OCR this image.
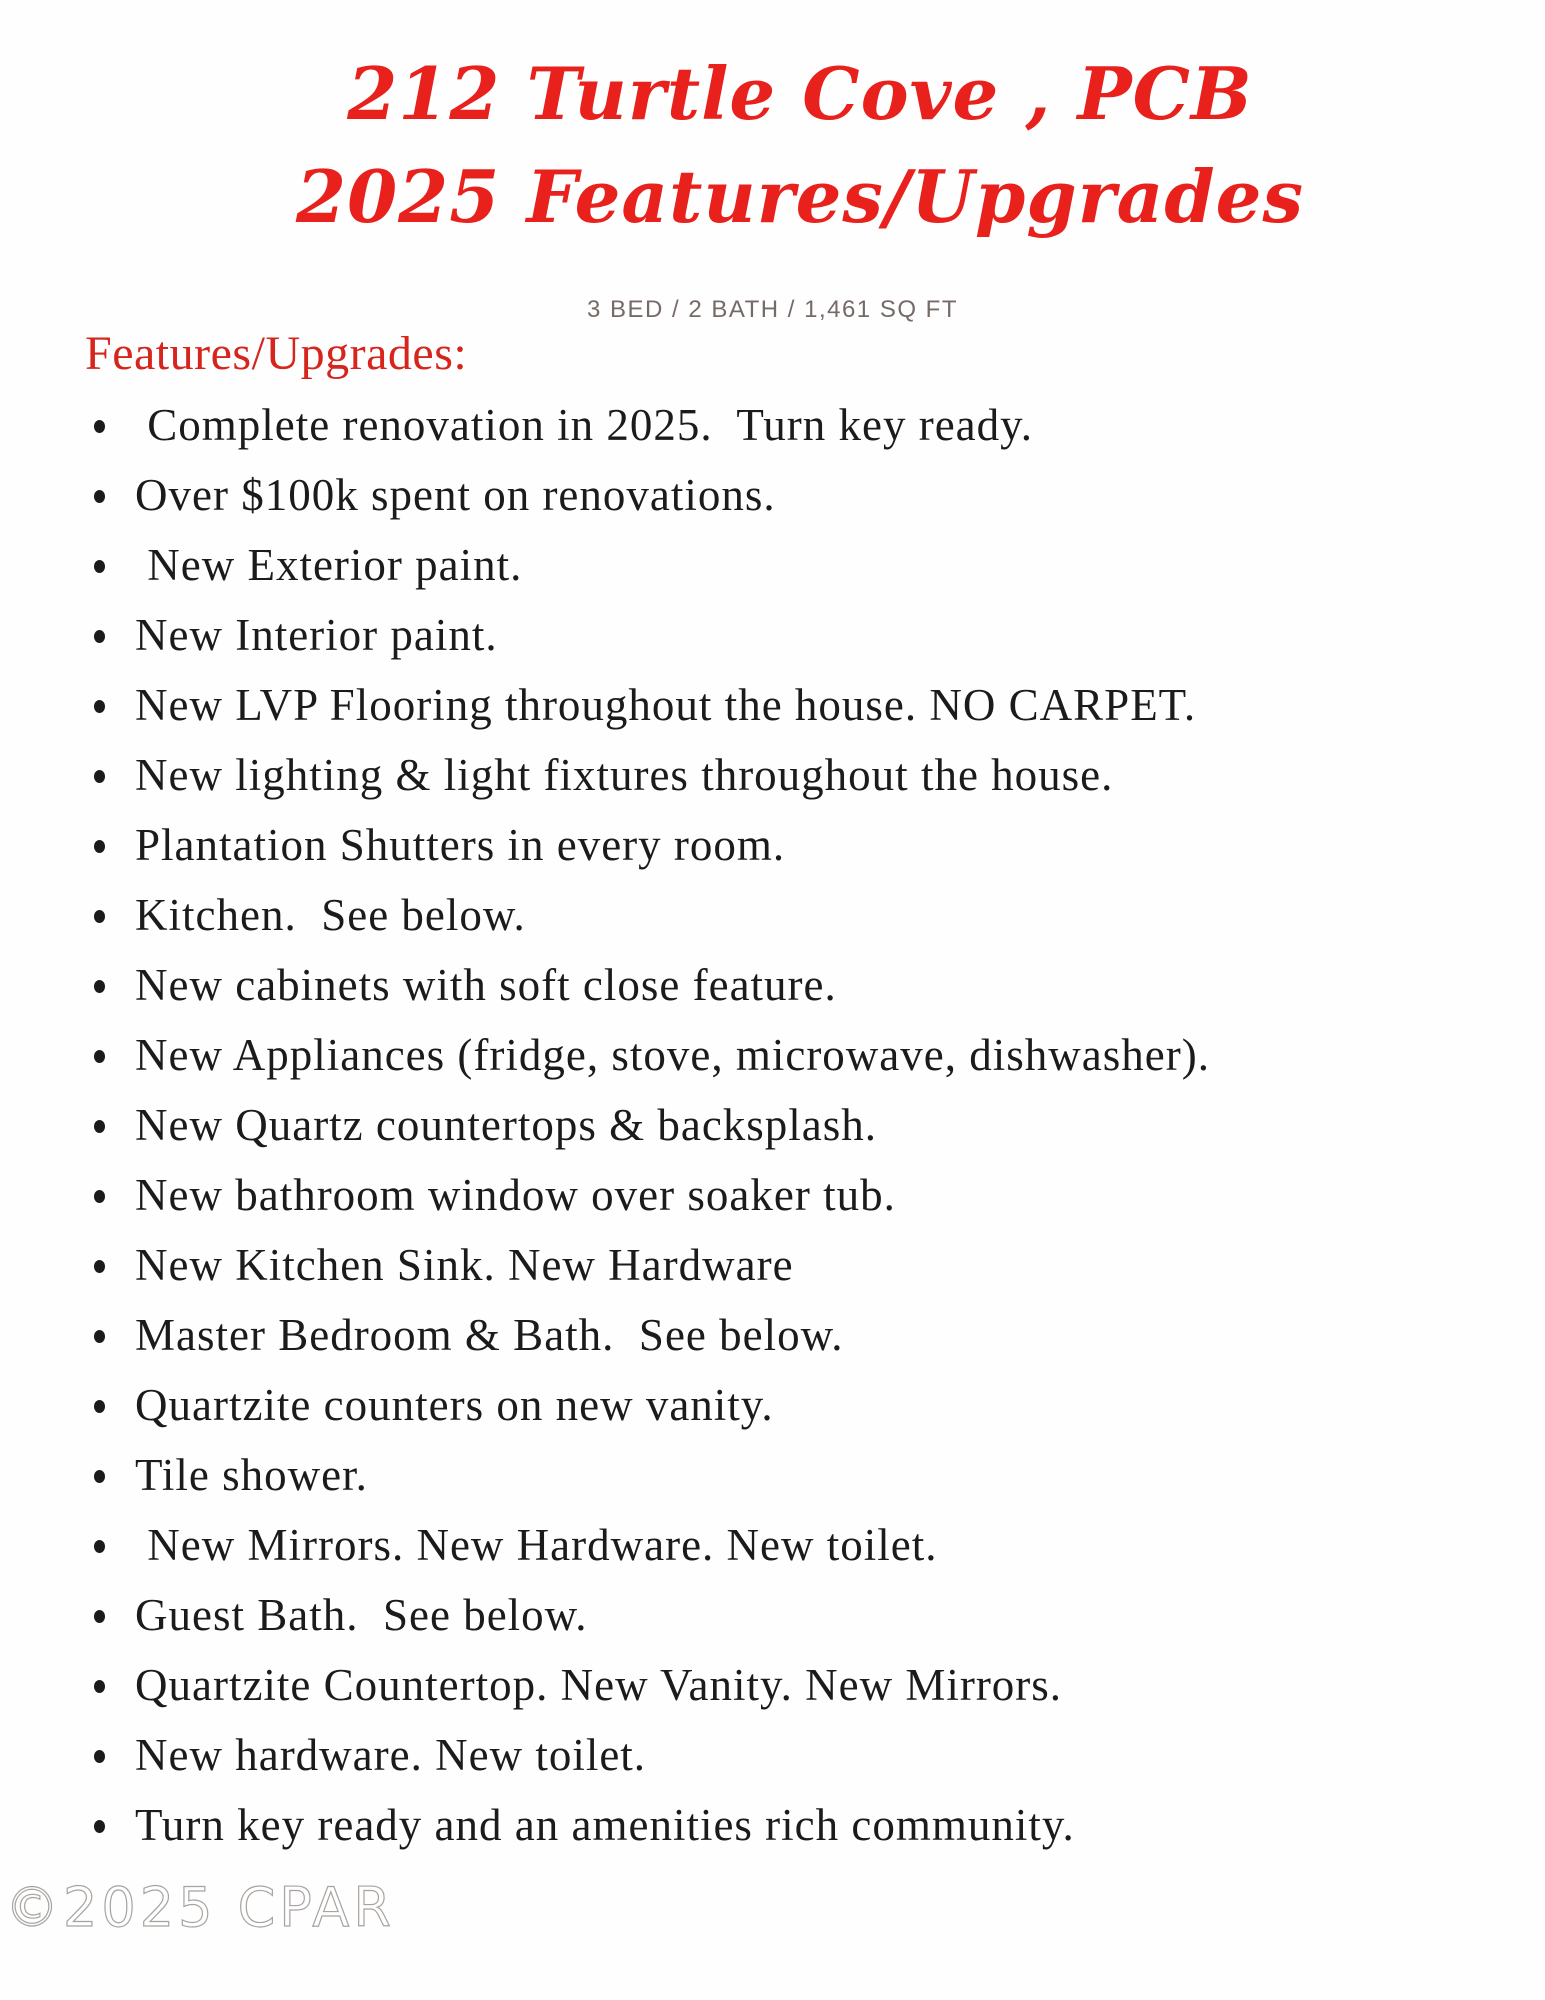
212 Turtle Cove , PCB
2025 Features/Upgrades
3 BED / 2 BATH / 1,461 SQ FT
Features/Upgrades:
Complete renovation in 2025.  Turn key ready.
Over $100k spent on renovations.
New Exterior paint.
New Interior paint.
New LVP Flooring throughout the house. NO CARPET.
New lighting & light fixtures throughout the house.
Plantation Shutters in every room.
Kitchen.  See below.
New cabinets with soft close feature.
New Appliances (fridge, stove, microwave, dishwasher).
New Quartz countertops & backsplash.
New bathroom window over soaker tub.
New Kitchen Sink. New Hardware
Master Bedroom & Bath.  See below.
Quartzite counters on new vanity.
Tile shower.
New Mirrors. New Hardware. New toilet.
Guest Bath.  See below.
Quartzite Countertop. New Vanity. New Mirrors.
New hardware. New toilet.
Turn key ready and an amenities rich community.
©2025 CPAR
